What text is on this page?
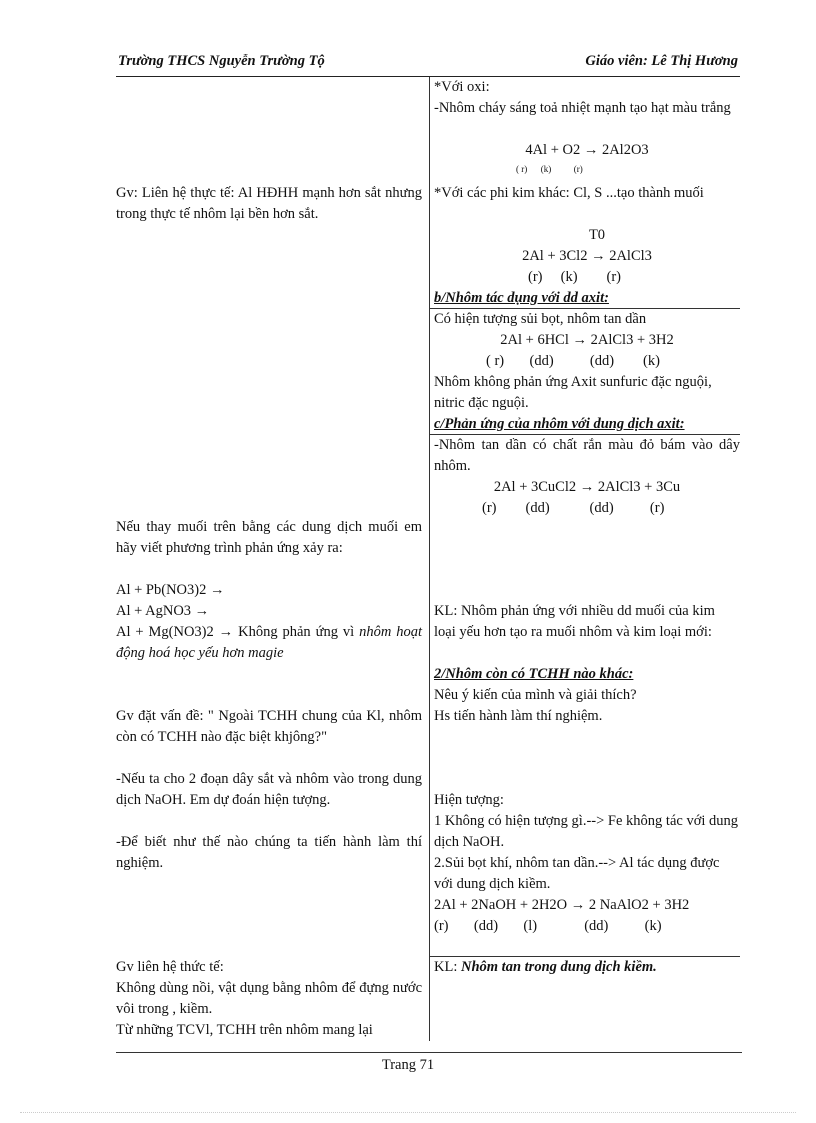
Trường THCS Nguyễn Trường Tộ	Giáo viên: Lê Thị Hương
Gv: Liên hệ thực tế: Al HĐHH mạnh hơn sắt nhưng trong thực tế nhôm lại bền hơn sắt.
Nếu thay muối trên bằng các dung dịch muối em hãy viết phương trình phản ứng xảy ra:
Al + Pb(NO3)2 →
Al + AgNO3 →
Al + Mg(NO3)2 → Không phản ứng vì nhôm hoạt động hoá học yếu hơn magie
Gv đặt vấn đề: " Ngoài TCHH chung của Kl, nhôm còn có TCHH nào đặc biệt khjông?"
-Nếu ta cho 2 đoạn dây sắt và nhôm vào trong dung dịch NaOH. Em dự đoán hiện tượng.
-Để biết như thế nào chúng ta tiến hành làm thí nghiệm.
Gv liên hệ thức tế:
Không dùng nồi, vật dụng bằng nhôm để đựng nước vôi trong , kiềm.
Từ những TCVl, TCHH trên nhôm mang lại
*Với oxi:
-Nhôm cháy sáng toả nhiệt mạnh tạo hạt màu trắng
4Al + O2 → 2Al2O3
( r)      (k)          (r)
*Với các phi kim khác: Cl, S ...tạo thành muối
T0
2Al + 3Cl2 → 2AlCl3
(r)     (k)        (r)
b/Nhôm tác dụng với dd axit:
Có hiện tượng sủi bọt, nhôm tan dần
2Al + 6HCl → 2AlCl3 + 3H2
( r)       (dd)          (dd)        (k)
Nhôm không phản ứng Axit sunfuric đặc nguội, nitric đặc nguội.
c/Phản ứng của nhôm với dung dịch axit:
-Nhôm tan dần có chất rắn màu đỏ bám vào dây nhôm.
2Al + 3CuCl2 → 2AlCl3 + 3Cu
(r)        (dd)           (dd)          (r)
KL: Nhôm phản ứng với nhiều dd muối của kim loại yếu hơn tạo ra muối nhôm và kim loại mới:
2/Nhôm còn có TCHH nào khác:
Nêu ý kiến của mình và giải thích?
Hs tiến hành làm thí nghiệm.
Hiện tượng:
1 Không có hiện tượng gì.--> Fe không tác với dung dịch NaOH.
2.Sủi bọt khí, nhôm tan dần.--> Al tác dụng được với dung dịch kiềm.
2Al + 2NaOH + 2H2O → 2 NaAlO2 + 3H2
(r)       (dd)       (l)             (dd)          (k)
KL: Nhôm tan trong dung dịch kiềm.
Trang 71
